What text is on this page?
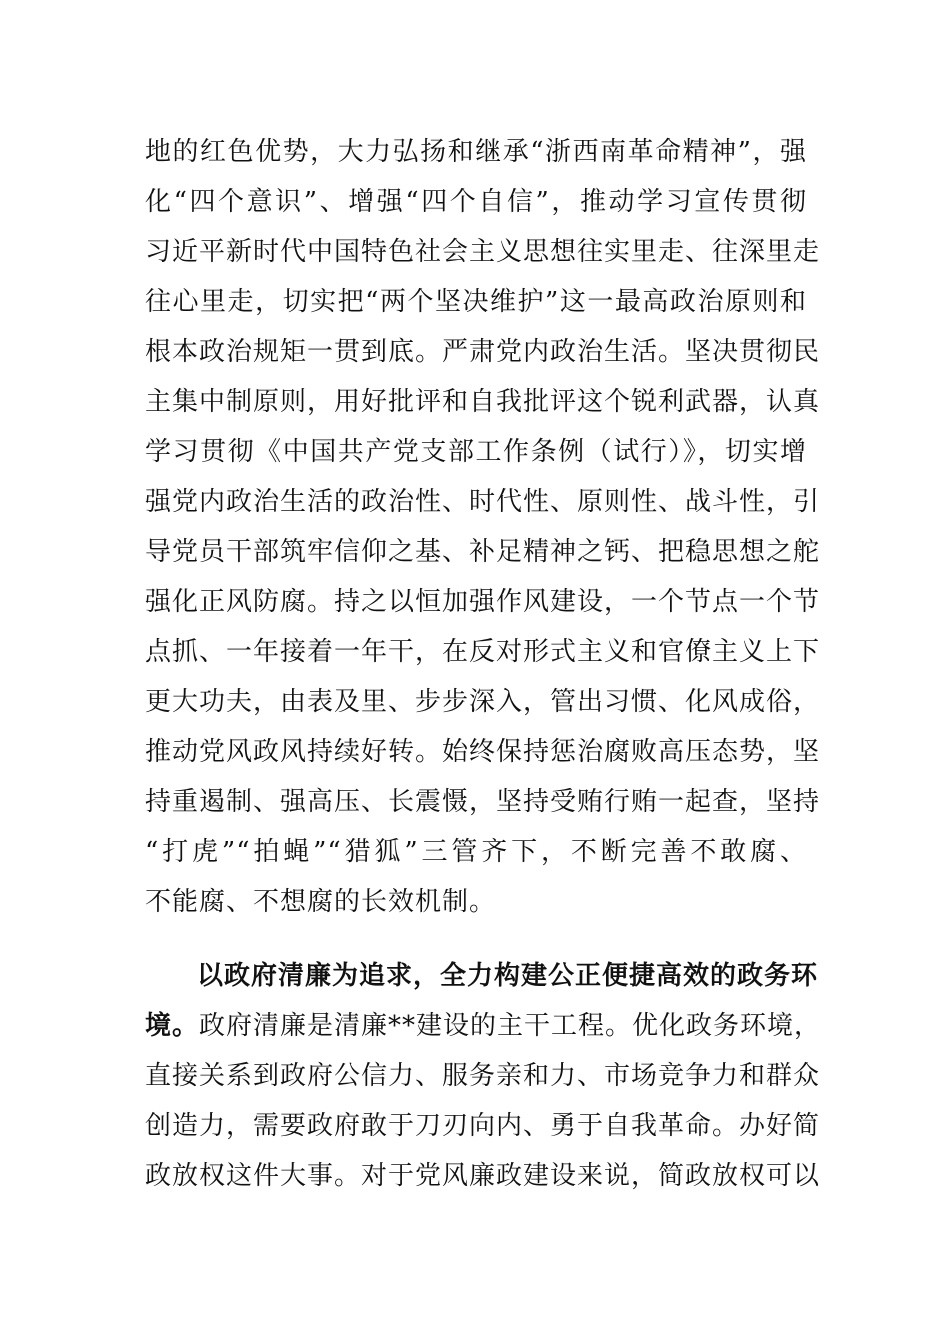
地的红色优势，大力弘扬和继承“浙西南革命精神”，强
化“四个意识”、增强“四个自信”，推动学习宣传贯彻
习近平新时代中国特色社会主义思想往实里走、往深里走
往心里走，切实把“两个坚决维护”这一最高政治原则和
根本政治规矩一贯到底。严肃党内政治生活。坚决贯彻民
主集中制原则，用好批评和自我批评这个锐利武器，认真
学习贯彻《中国共产党支部工作条例（试行）》，切实增
强党内政治生活的政治性、时代性、原则性、战斗性，引
导党员干部筑牢信仰之基、补足精神之钙、把稳思想之舵
强化正风防腐。持之以恒加强作风建设，一个节点一个节
点抓、一年接着一年干，在反对形式主义和官僚主义上下
更大功夫，由表及里、步步深入，管出习惯、化风成俗，
推动党风政风持续好转。始终保持惩治腐败高压态势，坚
持重遏制、强高压、长震慑，坚持受贿行贿一起查，坚持
“打虎”“拍蝇”“猎狐”三管齐下，不断完善不敢腐、
不能腐、不想腐的长效机制。
以政府清廉为追求，全力构建公正便捷高效的政务环
境。政府清廉是清廉**建设的主干工程。优化政务环境，
直接关系到政府公信力、服务亲和力、市场竞争力和群众
创造力，需要政府敢于刀刃向内、勇于自我革命。办好简
政放权这件大事。对于党风廉政建设来说，简政放权可以
